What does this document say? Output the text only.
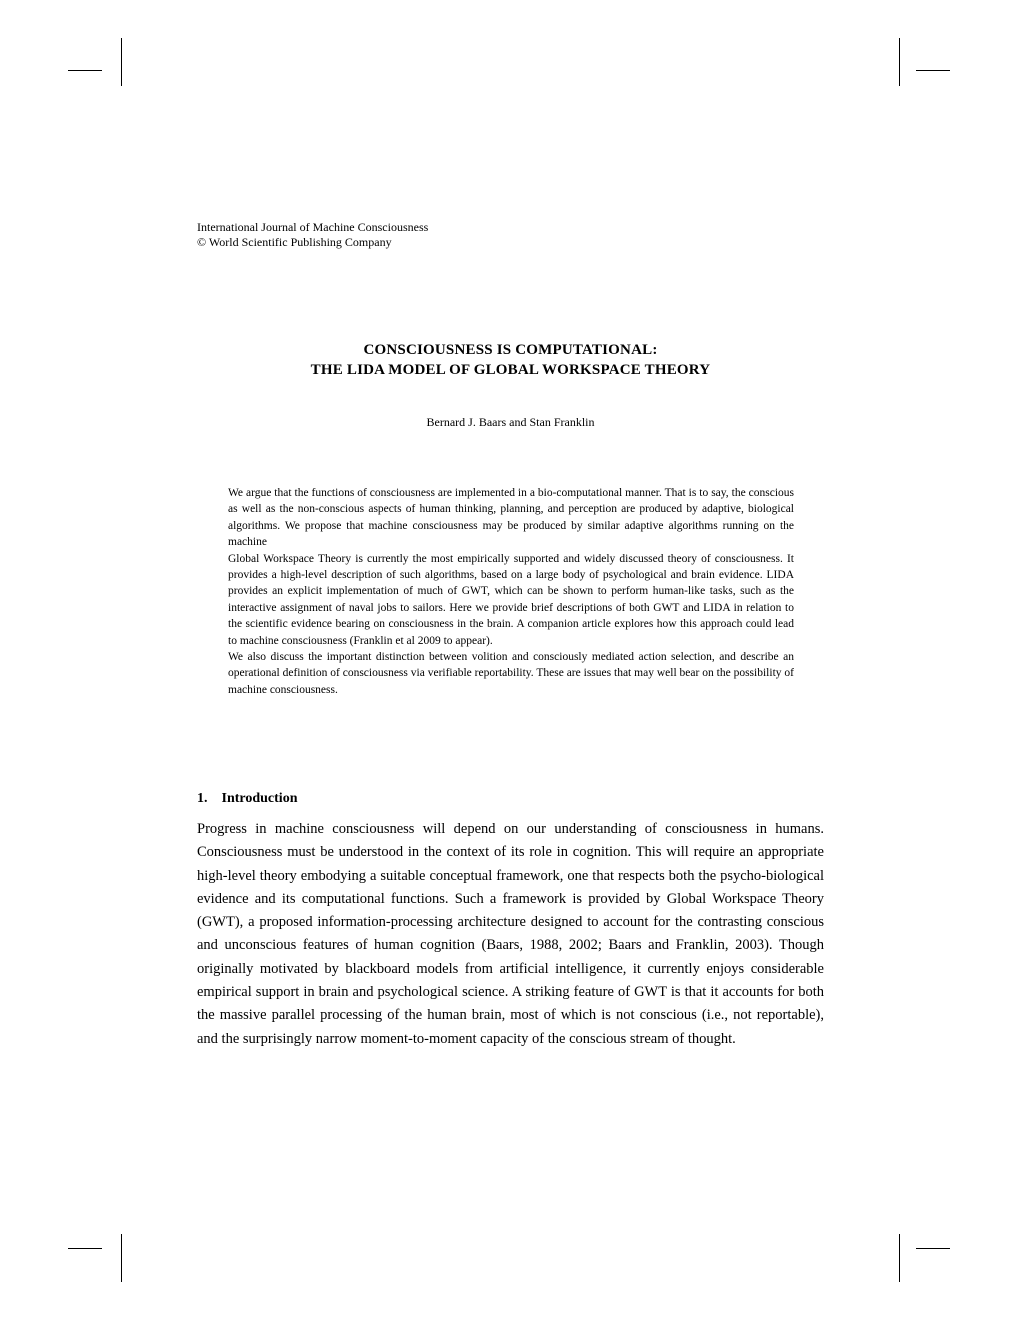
International Journal of Machine Consciousness
© World Scientific Publishing Company
CONSCIOUSNESS IS COMPUTATIONAL:
THE LIDA MODEL OF GLOBAL WORKSPACE THEORY
Bernard J. Baars and Stan Franklin

We argue that the functions of consciousness are implemented in a bio-computational manner. That is to say, the conscious as well as the non-conscious aspects of human thinking, planning, and perception are produced by adaptive, biological algorithms. We propose that machine consciousness may be produced by similar adaptive algorithms running on the machine

Global Workspace Theory is currently the most empirically supported and widely discussed theory of consciousness. It provides a high-level description of such algorithms, based on a large body of psychological and brain evidence. LIDA provides an explicit implementation of much of GWT, which can be shown to perform human-like tasks, such as the interactive assignment of naval jobs to sailors. Here we provide brief descriptions of both GWT and LIDA in relation to the scientific evidence bearing on consciousness in the brain. A companion article explores how this approach could lead to machine consciousness (Franklin et al 2009 to appear).

We also discuss the important distinction between volition and consciously mediated action selection, and describe an operational definition of consciousness via verifiable reportability. These are issues that may well bear on the possibility of machine consciousness.

1. Introduction

Progress in machine consciousness will depend on our understanding of consciousness in humans. Consciousness must be understood in the context of its role in cognition. This will require an appropriate high-level theory embodying a suitable conceptual framework, one that respects both the psycho-biological evidence and its computational functions. Such a framework is provided by Global Workspace Theory (GWT), a proposed information-processing architecture designed to account for the contrasting conscious and unconscious features of human cognition (Baars, 1988, 2002; Baars and Franklin, 2003). Though originally motivated by blackboard models from artificial intelligence, it currently enjoys considerable empirical support in brain and psychological science. A striking feature of GWT is that it accounts for both the massive parallel processing of the human brain, most of which is not conscious (i.e., not reportable), and the surprisingly narrow moment-to-moment capacity of the conscious stream of thought.
